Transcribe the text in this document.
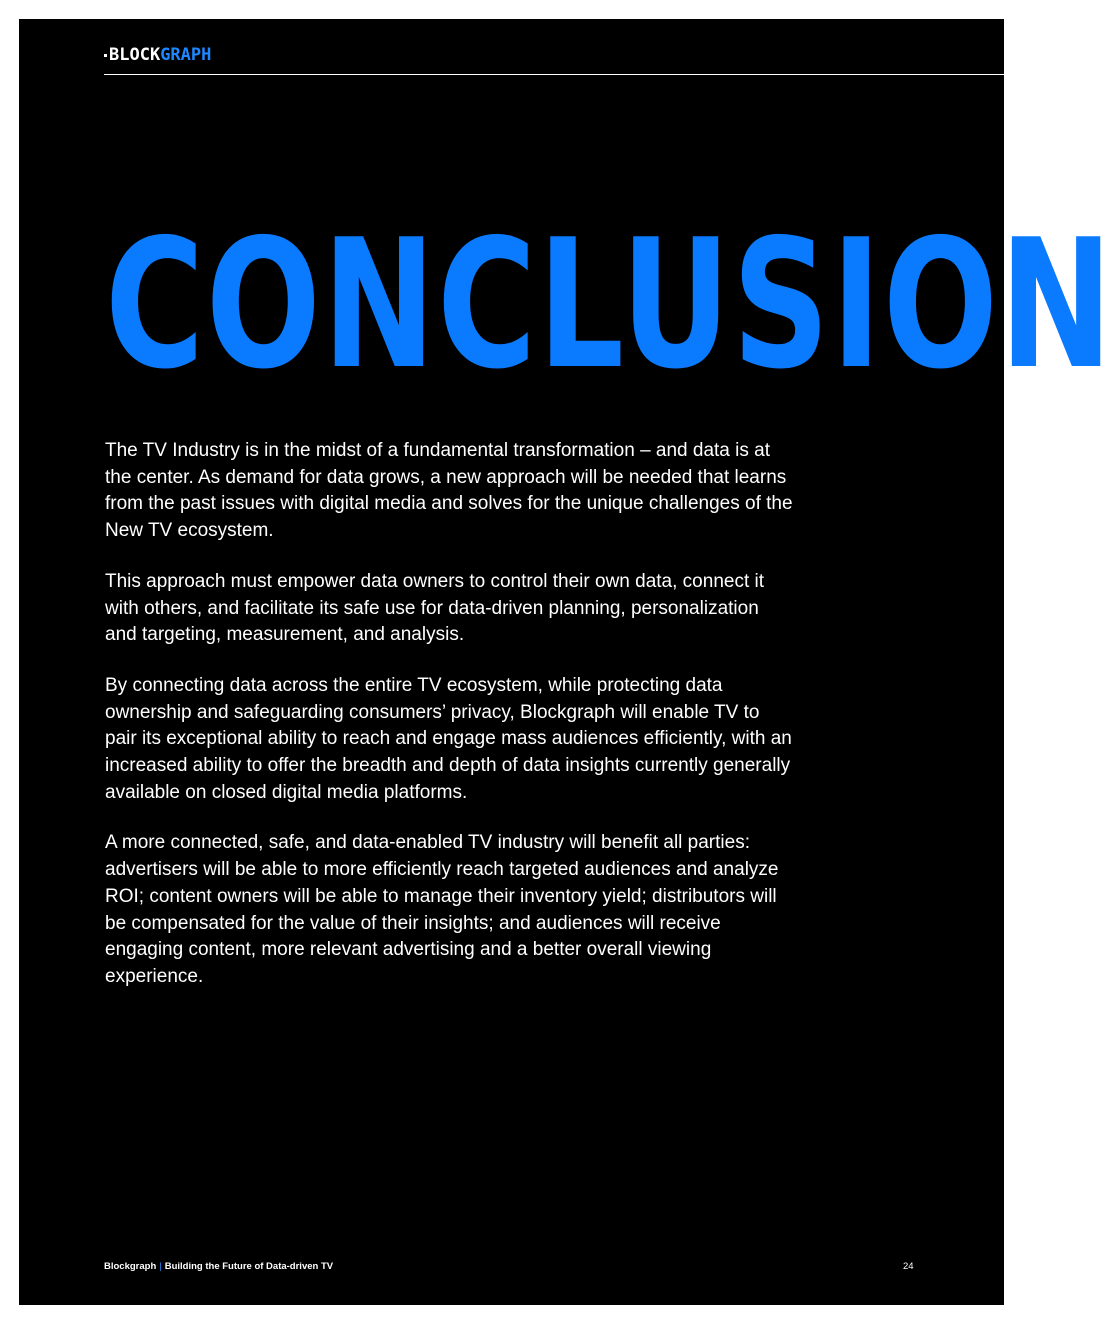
BLOCKGRAPH
CONCLUSION

The TV Industry is in the midst of a fundamental transformation – and data is at the center. As demand for data grows, a new approach will be needed that learns from the past issues with digital media and solves for the unique challenges of the New TV ecosystem.

This approach must empower data owners to control their own data, connect it with others, and facilitate its safe use for data-driven planning, personalization and targeting, measurement, and analysis.

By connecting data across the entire TV ecosystem, while protecting data ownership and safeguarding consumers’ privacy, Blockgraph will enable TV to pair its exceptional ability to reach and engage mass audiences efficiently, with an increased ability to offer the breadth and depth of data insights currently generally available on closed digital media platforms.

A more connected, safe, and data-enabled TV industry will benefit all parties: advertisers will be able to more efficiently reach targeted audiences and analyze ROI; content owners will be able to manage their inventory yield; distributors will be compensated for the value of their insights; and audiences will receive engaging content, more relevant advertising and a better overall viewing experience.

Blockgraph | Building the Future of Data-driven TV	24
